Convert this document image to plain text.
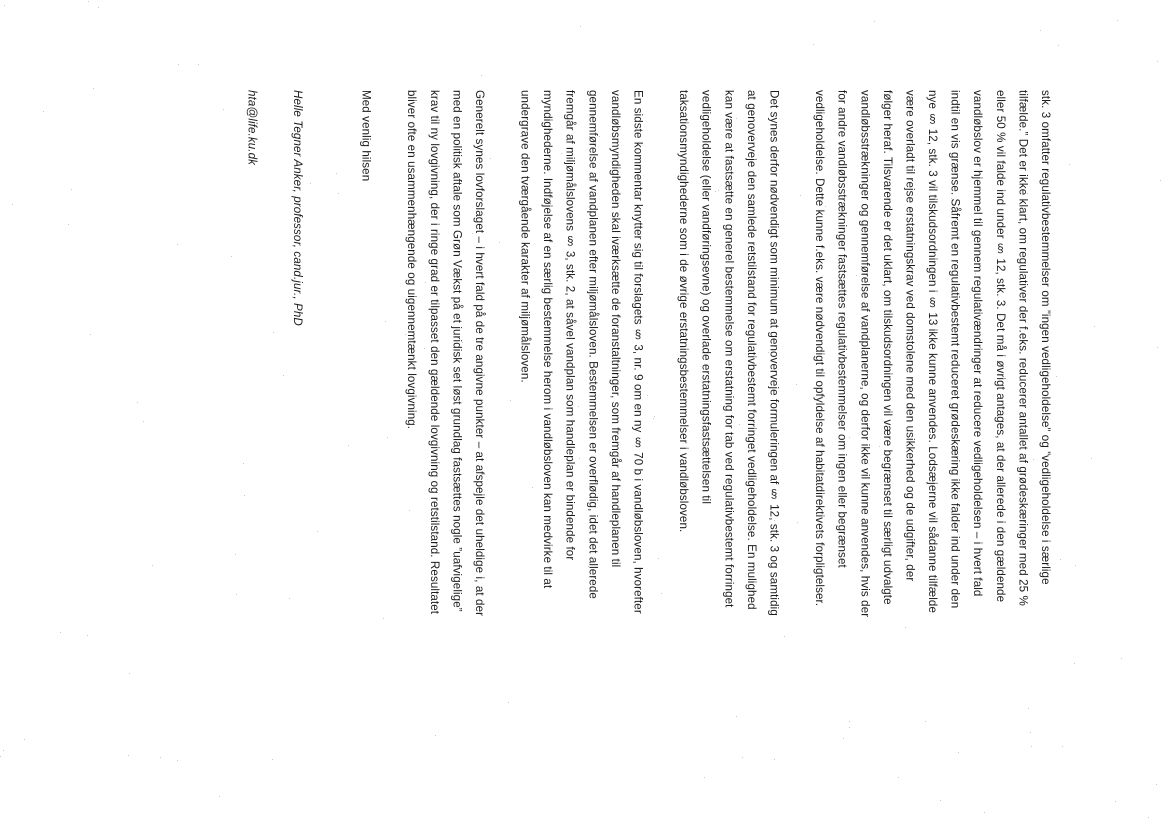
stk. 3 omfatter regulativbestemmelser om ”ingen vedligeholdelse” og ”vedligeholdelse i særlige
tilfælde.” Det er ikke klart, om regulativer der f.eks. reducerer antallet af grødeskæringer med 25 %
eller 50 % vil falde ind under § 12, stk. 3. Det må i øvrigt antages, at der allerede i den gældende
vandløbslov er hjemmel til gennem regulativændringer at reducere vedligeholdelsen – i hvert fald
indtil en vis grænse. Såfremt en regulativbestemt reduceret grødeskæring ikke falder ind under den
nye § 12, stk. 3 vil tilskudsordningen i § 13 ikke kunne anvendes. Lodsæjerne vil sådanne tilfælde
være overladt til rejse erstatningskrav ved domstolene med den usikkerhed og de udgifter, der
følger heraf. Tilsvarende er det uklart, om tilskudsordningen vil være begrænset til særligt udvalgte
vandløbsstrækninger og gennemførelse af vandplanerne, og derfor ikke vil kunne anvendes, hvis der
for andre vandløbsstrækninger fastsættes regulativbestemmelser om ingen eller begrænset
vedligeholdelse. Dette kunne f.eks. være nødvendigt til opfyldelse af habitatdirektivets forpligtelser.
Det synes derfor nødvendigt som minimum at genoverveje formuleringen af § 12, stk. 3 og samtidig
at genoverveje den samlede retstilstand for regulativbestemt forringet vedligeholdelse. En mulighed
kan være at fastsætte en generel bestemmelse om erstatning for tab ved regulativbestemt forringet
vedligeholdelse (eller vandføringsevne) og overlade erstatningsfastsættelsen til
taksationsmyndighederne som i de øvrige erstatningsbestemmelser i vandløbsloven.
En sidste kommentar knytter sig til forslagets § 3, nr. 9 om en ny § 70 b i vandløbsloven, hvorefter
vandløbsmyndigheden skal iværksætte de foranstaltninger, som fremgår af handleplanen til
gennemførelse af vandplanen efter miljømålsloven. Bestemmelsen er overflødig, idet det allerede
fremgår af miljømålslovens § 3, stk. 2, at såvel vandplan som handleplan er bindende for
myndighederne. Indføjelse af en særlig bestemmelse herom i vandløbsloven kan medvirke til at
undergrave den tværgående karakter af miljømålsloven.
Generelt synes lovforslaget – i hvert fald på de tre angivne punkter – at afspejle det uheldige i, at der
med en politisk aftale som Grøn Vækst på et juridisk set løst grundlag fastsættes nogle ”uafvigelige”
krav til ny lovgivning, der i ringe grad er tilpasset den gældende lovgivning og retstilstand. Resultatet
bliver ofte en usammenhængende og uigennemtænkt lovgivning.
Med venlig hilsen
Helle Tegner Anker, professor, cand.jur., PhD
hta@life.ku.dk
